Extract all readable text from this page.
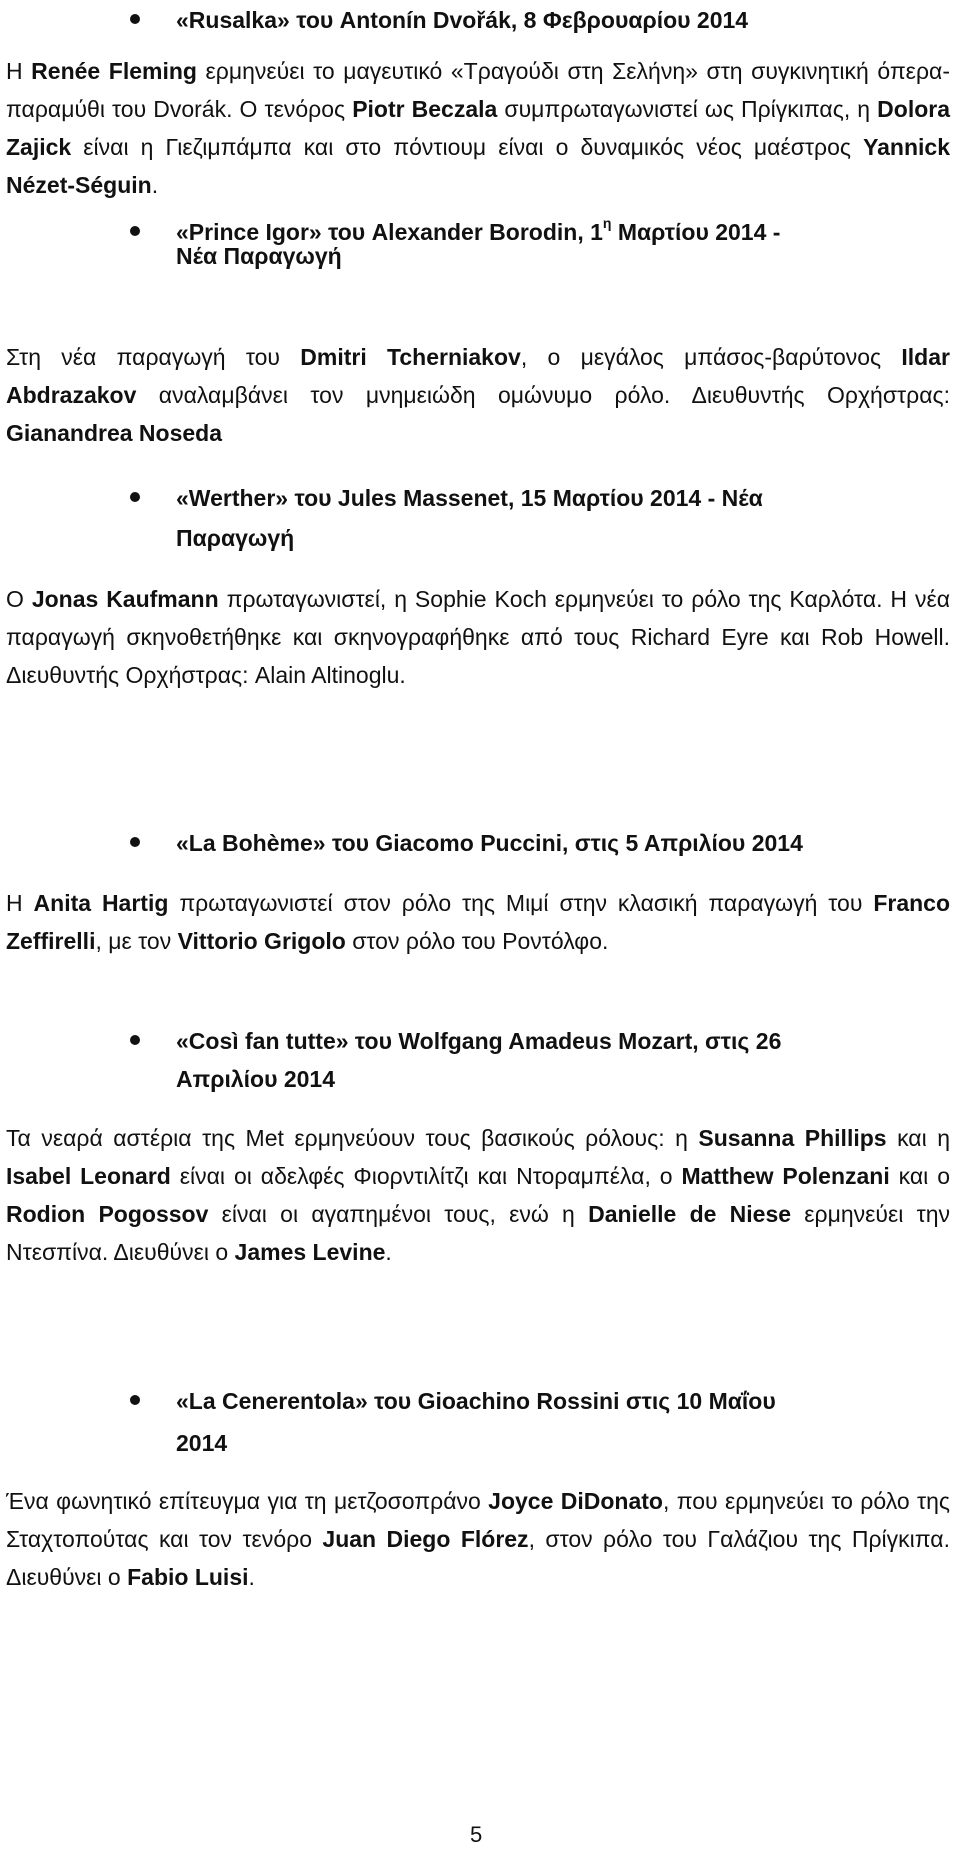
«Rusalka» του Antonín Dvořák, 8 Φεβρουαρίου 2014
Η Renée Fleming ερμηνεύει το μαγευτικό «Τραγούδι στη Σελήνη» στη συγκινητική όπερα- παραμύθι του Dvorák. Ο τενόρος Piotr Beczala συμπρωταγωνιστεί ως Πρίγκιπας, η Dolora Zajick είναι η Γιεζιμπάμπα και στο πόντιουμ είναι ο δυναμικός νέος μαέστρος Yannick Nézet-Séguin.
«Prince Igor» του Alexander Borodin, $1^\eta$ Μαρτίου 2014 -
Νέα Παραγωγή
Στη νέα παραγωγή του Dmitri Tcherniakov, ο μεγάλος μπάσος-βαρύτονος Ildar Abdrazakov αναλαμβάνει τον μνημειώδη ομώνυμο ρόλο. Διευθυντής Ορχήστρας: Gianandrea Noseda
«Werther» του Jules Massenet, 15 Μαρτίου 2014 - Νέα
Παραγωγή
Ο Jonas Kaufmann πρωταγωνιστεί, η Sophie Koch ερμηνεύει το ρόλο της Καρλότα. Η νέα παραγωγή σκηνοθετήθηκε και σκηνογραφήθηκε από τους Richard Eyre και Rob Howell. Διευθυντής Ορχήστρας: Alain Altinoglu.
«La Bohème» του Giacomo Puccini, στις 5 Απριλίου 2014
Η Anita Hartig πρωταγωνιστεί στον ρόλο της Μιμί στην κλασική παραγωγή του Franco Zeffirelli, με τον Vittorio Grigolo στον ρόλο του Ροντόλφο.
«Così fan tutte» του Wolfgang Amadeus Mozart, στις 26
Απριλίου 2014
Τα νεαρά αστέρια της Met ερμηνεύουν τους βασικούς ρόλους: η Susanna Phillips και η Isabel Leonard είναι οι αδελφές Φιορντιλίτζι και Ντοραμπέλα, ο Matthew Polenzani και ο Rodion Pogossov είναι οι αγαπημένοι τους, ενώ η Danielle de Niese ερμηνεύει την Ντεσπίνα. Διευθύνει ο James Levine.
«La Cenerentola» του Gioachino Rossini στις 10 Μαΐου
2014
Ένα φωνητικό επίτευγμα για τη μετζοσοπράνο Joyce DiDonato, που ερμηνεύει το ρόλο της Σταχτοπούτας και τον τενόρο Juan Diego Flórez, στον ρόλο του Γαλάζιου της Πρίγκιπα. Διευθύνει ο Fabio Luisi.
5
